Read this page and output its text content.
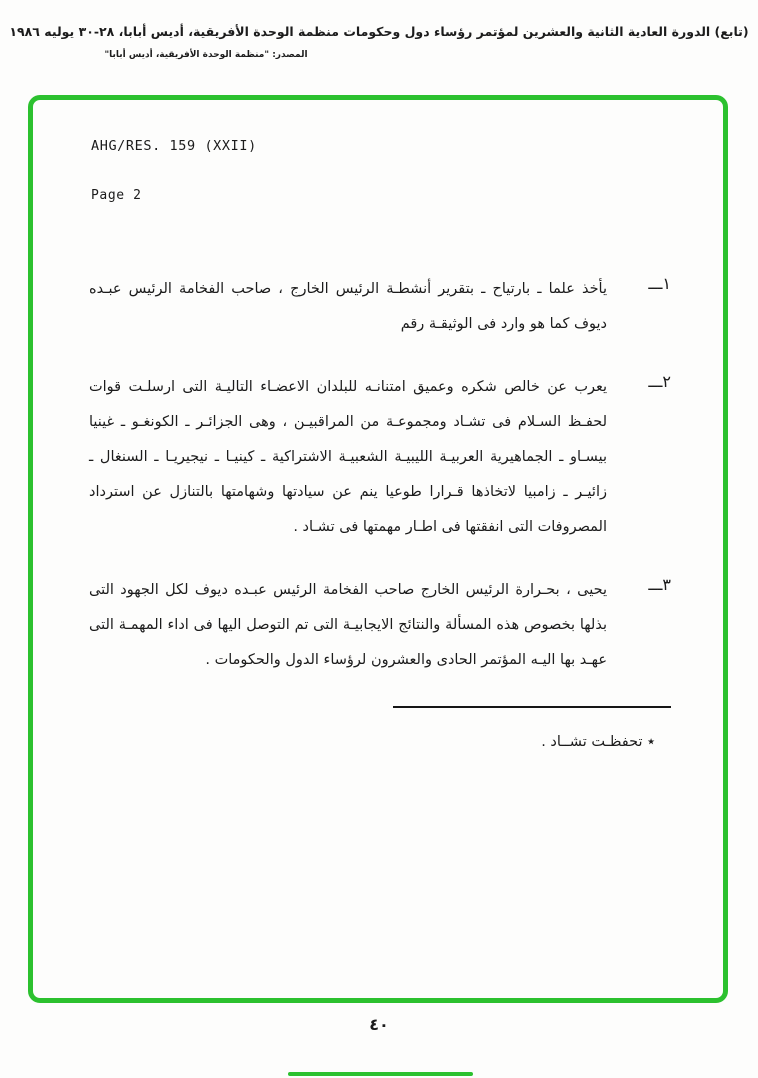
(تابع) الدورة العادية الثانية والعشرين لمؤتمر رؤساء دول وحكومات منظمة الوحدة الأفريقية، أديس أبابا، ٢٨-٣٠ يوليه ١٩٨٦
المصدر: "منظمة الوحدة الأفريقية، أديس أبابا"
AHG/RES. 159 (XXII)
Page 2
١ـــ
يأخذ علما ـ بارتياح ـ بتقرير أنشطـة الرئيس الخارج ، صاحب الفخامة الرئيس عبـده ديوف كما هو وارد فى الوثيقـة رقم
٢ـــ
يعرب عن خالص شكره وعميق امتنانـه للبلدان الاعضـاء التاليـة التى ارسلـت قوات لحفـظ السـلام فى تشـاد ومجموعـة من المراقبيـن ، وهى الجزائـر ـ الكونغـو ـ غينيا بيسـاو ـ الجماهيرية العربيـة الليبيـة الشعبيـة الاشتراكية ـ كينيـا ـ نيجيريـا ـ السنغال ـ زائيـر ـ زامبيا لاتخاذها قـرارا طوعيا ينم عن سيادتها وشهامتها بالتنازل عن استرداد المصروفات التى انفقتها فى اطـار مهمتها فى تشـاد .
٣ـــ
يحيى ، بحـرارة الرئيس الخارج صاحب الفخامة الرئيس عبـده ديوف لكل الجهود التى بذلها بخصوص هذه المسألة والنتائج الايجابيـة التى تم التوصل اليها فى اداء المهمـة التى عهـد بها اليـه المؤتمر الحادى والعشرون لرؤساء الدول والحكومات .
٭ تحفظـت تشــاد .
٤٠
